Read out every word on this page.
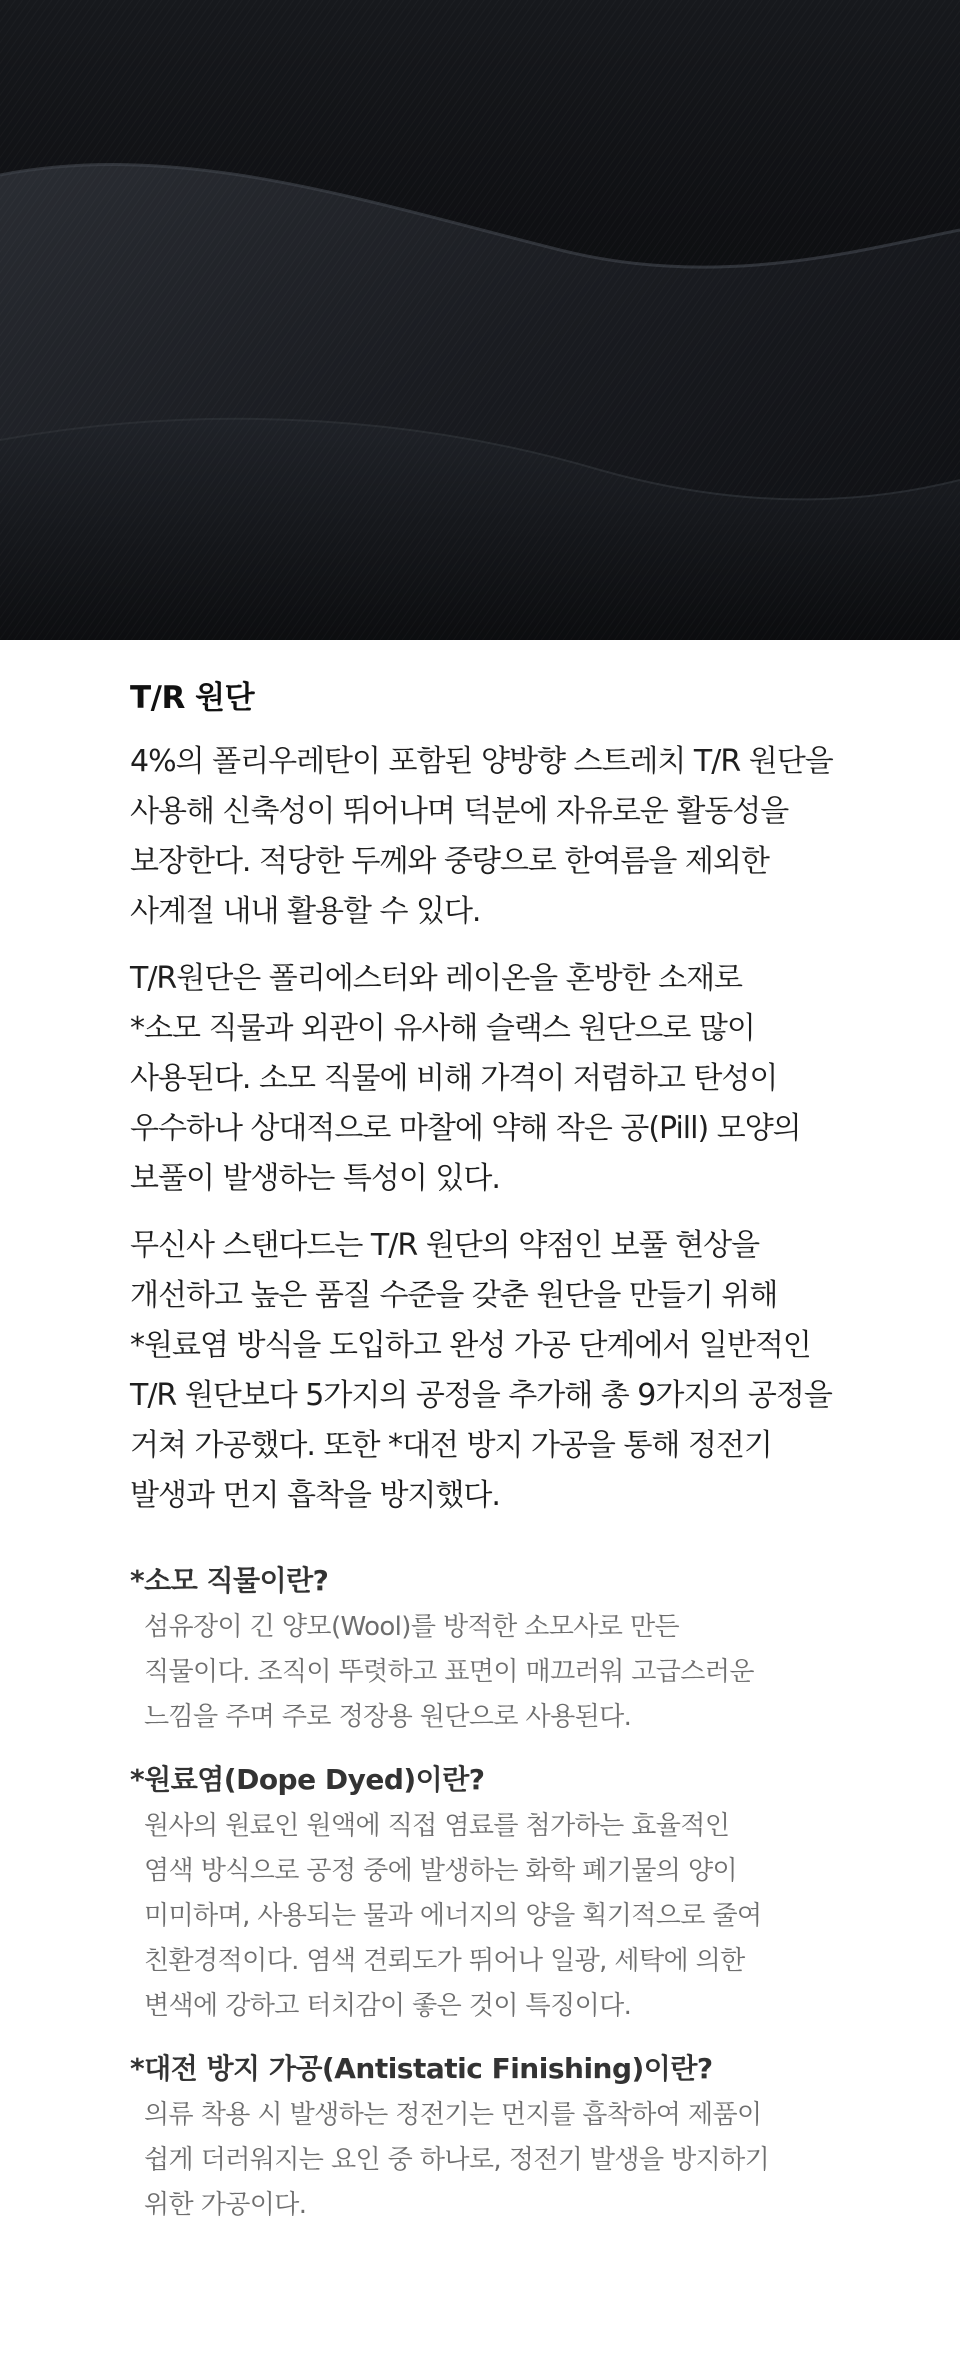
T/R 원단
4%의 폴리우레탄이 포함된 양방향 스트레치 T/R 원단을
사용해 신축성이 뛰어나며 덕분에 자유로운 활동성을
보장한다. 적당한 두께와 중량으로 한여름을 제외한
사계절 내내 활용할 수 있다.
T/R원단은 폴리에스터와 레이온을 혼방한 소재로
*소모 직물과 외관이 유사해 슬랙스 원단으로 많이
사용된다. 소모 직물에 비해 가격이 저렴하고 탄성이
우수하나 상대적으로 마찰에 약해 작은 공(Pill) 모양의
보풀이 발생하는 특성이 있다.
무신사 스탠다드는 T/R 원단의 약점인 보풀 현상을
개선하고 높은 품질 수준을 갖춘 원단을 만들기 위해
*원료염 방식을 도입하고 완성 가공 단계에서 일반적인
T/R 원단보다 5가지의 공정을 추가해 총 9가지의 공정을
거쳐 가공했다. 또한 *대전 방지 가공을 통해 정전기
발생과 먼지 흡착을 방지했다.
*소모 직물이란?
섬유장이 긴 양모(Wool)를 방적한 소모사로 만든
직물이다. 조직이 뚜렷하고 표면이 매끄러워 고급스러운
느낌을 주며 주로 정장용 원단으로 사용된다.
*원료염(Dope Dyed)이란?
원사의 원료인 원액에 직접 염료를 첨가하는 효율적인
염색 방식으로 공정 중에 발생하는 화학 폐기물의 양이
미미하며, 사용되는 물과 에너지의 양을 획기적으로 줄여
친환경적이다. 염색 견뢰도가 뛰어나 일광, 세탁에 의한
변색에 강하고 터치감이 좋은 것이 특징이다.
*대전 방지 가공(Antistatic Finishing)이란?
의류 착용 시 발생하는 정전기는 먼지를 흡착하여 제품이
쉽게 더러워지는 요인 중 하나로, 정전기 발생을 방지하기
위한 가공이다.
